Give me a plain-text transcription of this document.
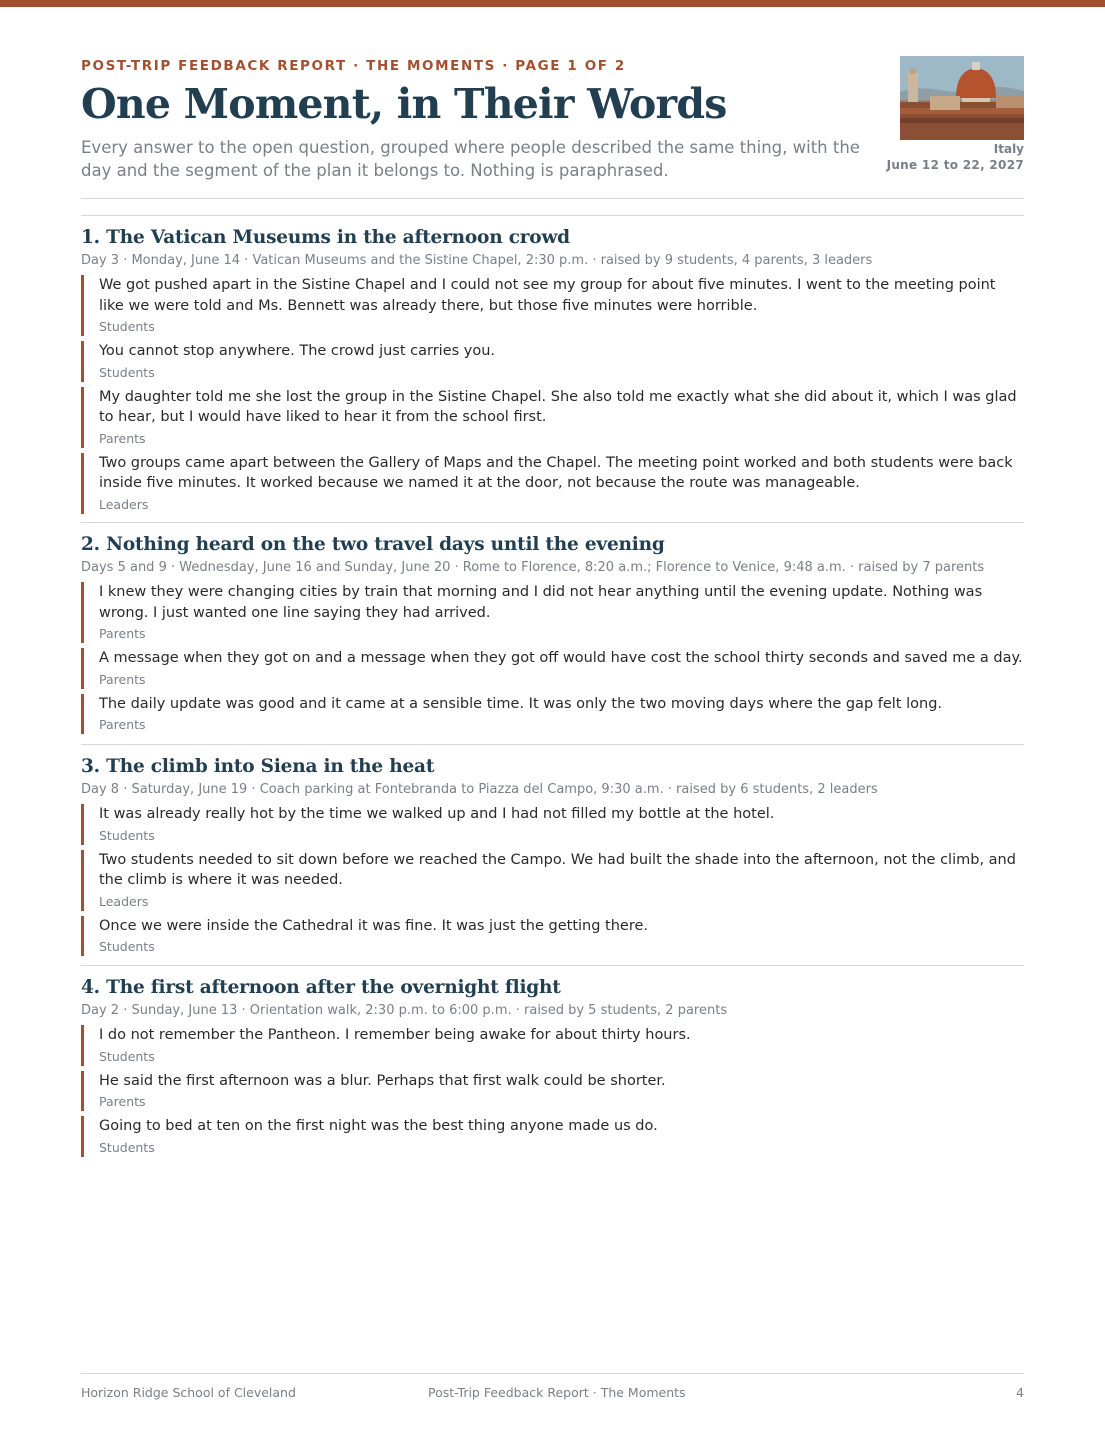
POST-TRIP FEEDBACK REPORT · THE MOMENTS · PAGE 1 OF 2
One Moment, in Their Words
Every answer to the open question, grouped where people described the same thing, with the day and the segment of the plan it belongs to. Nothing is paraphrased.
Italy
June 12 to 22, 2027
1. The Vatican Museums in the afternoon crowd
Day 3 · Monday, June 14 · Vatican Museums and the Sistine Chapel, 2:30 p.m. · raised by 9 students, 4 parents, 3 leaders
We got pushed apart in the Sistine Chapel and I could not see my group for about five minutes. I went to the meeting point like we were told and Ms. Bennett was already there, but those five minutes were horrible.
Students
You cannot stop anywhere. The crowd just carries you.
Students
My daughter told me she lost the group in the Sistine Chapel. She also told me exactly what she did about it, which I was glad to hear, but I would have liked to hear it from the school first.
Parents
Two groups came apart between the Gallery of Maps and the Chapel. The meeting point worked and both students were back inside five minutes. It worked because we named it at the door, not because the route was manageable.
Leaders
2. Nothing heard on the two travel days until the evening
Days 5 and 9 · Wednesday, June 16 and Sunday, June 20 · Rome to Florence, 8:20 a.m.; Florence to Venice, 9:48 a.m. · raised by 7 parents
I knew they were changing cities by train that morning and I did not hear anything until the evening update. Nothing was wrong. I just wanted one line saying they had arrived.
Parents
A message when they got on and a message when they got off would have cost the school thirty seconds and saved me a day.
Parents
The daily update was good and it came at a sensible time. It was only the two moving days where the gap felt long.
Parents
3. The climb into Siena in the heat
Day 8 · Saturday, June 19 · Coach parking at Fontebranda to Piazza del Campo, 9:30 a.m. · raised by 6 students, 2 leaders
It was already really hot by the time we walked up and I had not filled my bottle at the hotel.
Students
Two students needed to sit down before we reached the Campo. We had built the shade into the afternoon, not the climb, and the climb is where it was needed.
Leaders
Once we were inside the Cathedral it was fine. It was just the getting there.
Students
4. The first afternoon after the overnight flight
Day 2 · Sunday, June 13 · Orientation walk, 2:30 p.m. to 6:00 p.m. · raised by 5 students, 2 parents
I do not remember the Pantheon. I remember being awake for about thirty hours.
Students
He said the first afternoon was a blur. Perhaps that first walk could be shorter.
Parents
Going to bed at ten on the first night was the best thing anyone made us do.
Students
Horizon Ridge School of Cleveland	Post-Trip Feedback Report · The Moments	4
